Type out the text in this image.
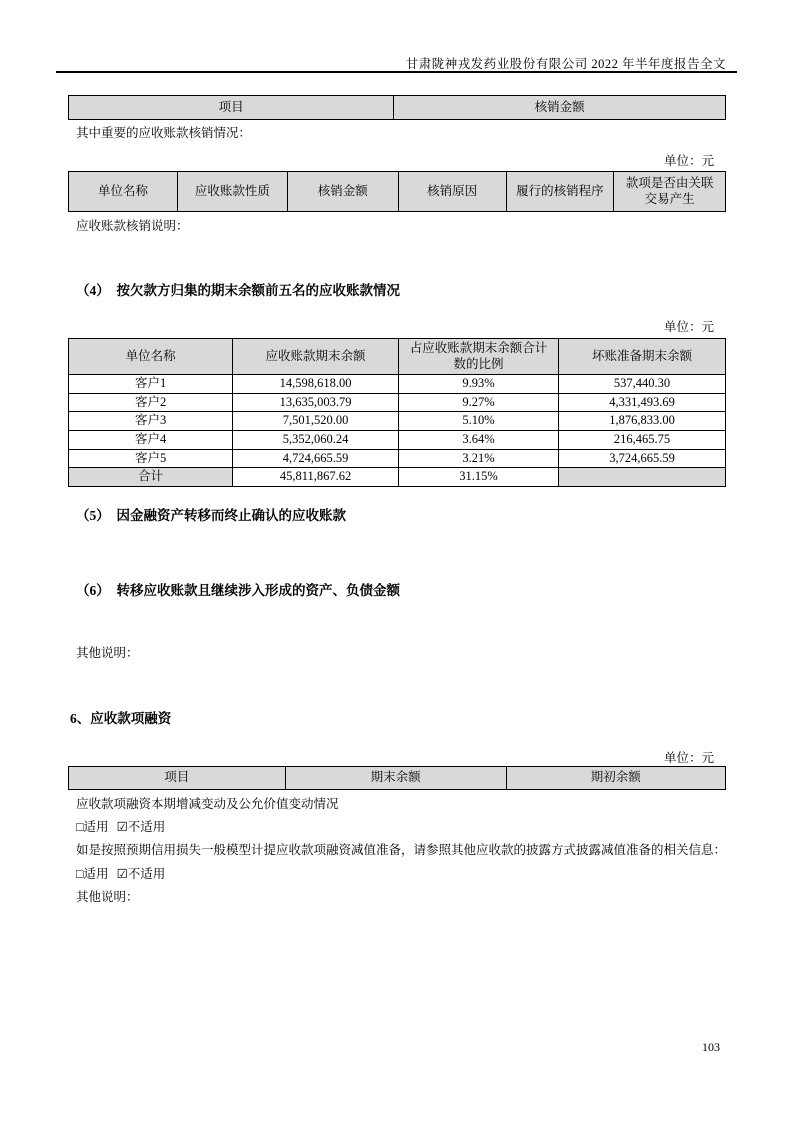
甘肃陇神戎发药业股份有限公司 2022 年半年度报告全文
项目	核销金额
其中重要的应收账款核销情况：
单位：元
单位名称	应收账款性质	核销金额	核销原因	履行的核销程序	款项是否由关联交易产生
应收账款核销说明：
（4）　按欠款方归集的期末余额前五名的应收账款情况
单位：元
单位名称	应收账款期末余额	占应收账款期末余额合计数的比例	坏账准备期末余额
客户1	14,598,618.00	9.93%	537,440.30
客户2	13,635,003.79	9.27%	4,331,493.69
客户3	7,501,520.00	5.10%	1,876,833.00
客户4	5,352,060.24	3.64%	216,465.75
客户5	4,724,665.59	3.21%	3,724,665.59
合计	45,811,867.62	31.15%	
（5）　因金融资产转移而终止确认的应收账款
（6）　转移应收账款且继续涉入形成的资产、负债金额
其他说明：
6、应收款项融资
单位：元
项目	期末余额	期初余额
应收款项融资本期增减变动及公允价值变动情况
□适用 ☑不适用
如是按照预期信用损失一般模型计提应收款项融资减值准备，请参照其他应收款的披露方式披露减值准备的相关信息：
□适用 ☑不适用
其他说明：
103
